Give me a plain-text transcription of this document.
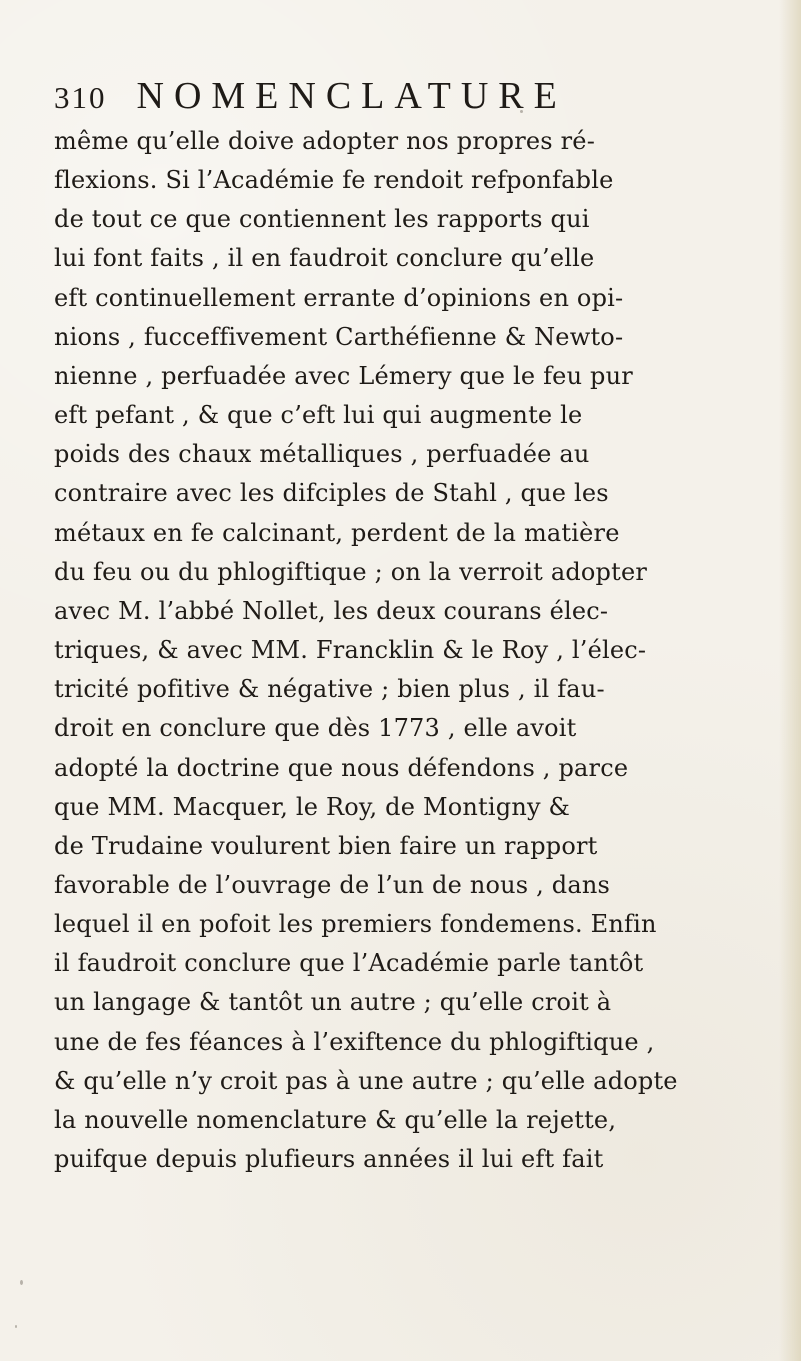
310 NOMENCLATURE
même qu’elle doive adopter nos propres ré-
flexions. Si l’Académie fe rendoit refponfable
de tout ce que contiennent les rapports qui
lui font faits , il en faudroit conclure qu’elle
eft continuellement errante d’opinions en opi-
nions , fucceffivement Carthéfienne & Newto-
nienne , perfuadée avec Lémery que le feu pur
eft pefant , & que c’eft lui qui augmente le
poids des chaux métalliques , perfuadée au
contraire avec les difciples de Stahl , que les
métaux en fe calcinant, perdent de la matière
du feu ou du phlogiftique ; on la verroit adopter
avec M. l’abbé Nollet, les deux courans élec-
triques, & avec MM. Francklin & le Roy , l’élec-
tricité pofitive & négative ; bien plus , il fau-
droit en conclure que dès 1773 , elle avoit
adopté la doctrine que nous défendons , parce
que MM. Macquer, le Roy, de Montigny &
de Trudaine voulurent bien faire un rapport
favorable de l’ouvrage de l’un de nous , dans
lequel il en pofoit les premiers fondemens. Enfin
il faudroit conclure que l’Académie parle tantôt
un langage & tantôt un autre ; qu’elle croit à
une de fes féances à l’exiftence du phlogiftique ,
& qu’elle n’y croit pas à une autre ; qu’elle adopte
la nouvelle nomenclature & qu’elle la rejette,
puifque depuis plufieurs années il lui eft fait
